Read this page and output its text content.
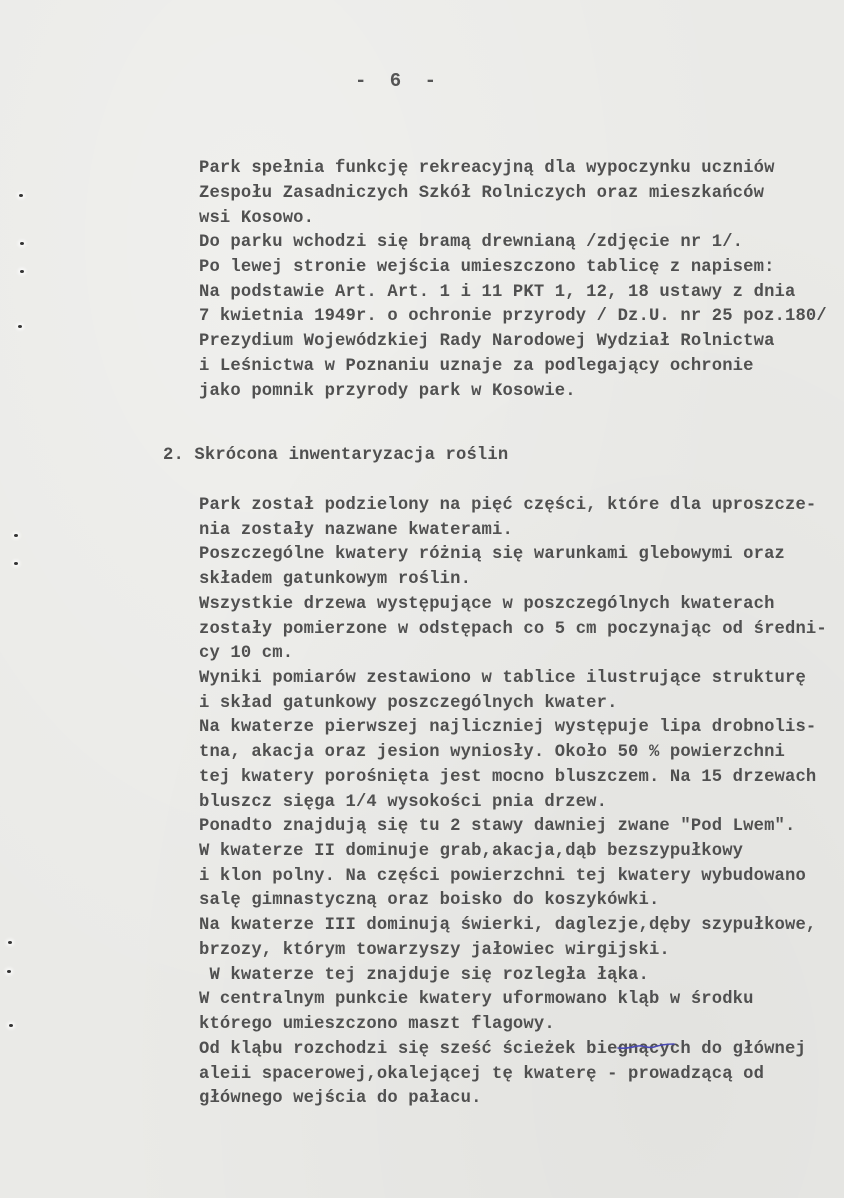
- 6 -
Park spełnia funkcję rekreacyjną dla wypoczynku uczniów
Zespołu Zasadniczych Szkół Rolniczych oraz mieszkańców
wsi Kosowo.
Do parku wchodzi się bramą drewnianą /zdjęcie nr 1/.
Po lewej stronie wejścia umieszczono tablicę z napisem:
Na podstawie Art. Art. 1 i 11 PKT 1, 12, 18 ustawy z dnia
7 kwietnia 1949r. o ochronie przyrody / Dz.U. nr 25 poz.180/
Prezydium Wojewódzkiej Rady Narodowej Wydział Rolnictwa
i Leśnictwa w Poznaniu uznaje za podlegający ochronie
jako pomnik przyrody park w Kosowie.
2. Skrócona inwentaryzacja roślin
Park został podzielony na pięć części, które dla uproszcze-
nia zostały nazwane kwaterami.
Poszczególne kwatery różnią się warunkami glebowymi oraz
składem gatunkowym roślin.
Wszystkie drzewa występujące w poszczególnych kwaterach
zostały pomierzone w odstępach co 5 cm poczynając od średni-
cy 10 cm.
Wyniki pomiarów zestawiono w tablice ilustrujące strukturę
i skład gatunkowy poszczególnych kwater.
Na kwaterze pierwszej najliczniej występuje lipa drobnolis-
tna, akacja oraz jesion wyniosły. Około 50 % powierzchni
tej kwatery porośnięta jest mocno bluszczem. Na 15 drzewach
bluszcz sięga 1/4 wysokości pnia drzew.
Ponadto znajdują się tu 2 stawy dawniej zwane "Pod Lwem".
W kwaterze II dominuje grab,akacja,dąb bezszypułkowy
i klon polny. Na części powierzchni tej kwatery wybudowano
salę gimnastyczną oraz boisko do koszykówki.
Na kwaterze III dominują świerki, daglezje,dęby szypułkowe,
brzozy, którym towarzyszy jałowiec wirgijski.
W kwaterze tej znajduje się rozległa łąka.
W centralnym punkcie kwatery uformowano kląb w środku
którego umieszczono maszt flagowy.
Od kląbu rozchodzi się sześć ścieżek biegnących do głównej
aleii spacerowej,okalejącej tę kwaterę - prowadzącą od
głównego wejścia do pałacu.
